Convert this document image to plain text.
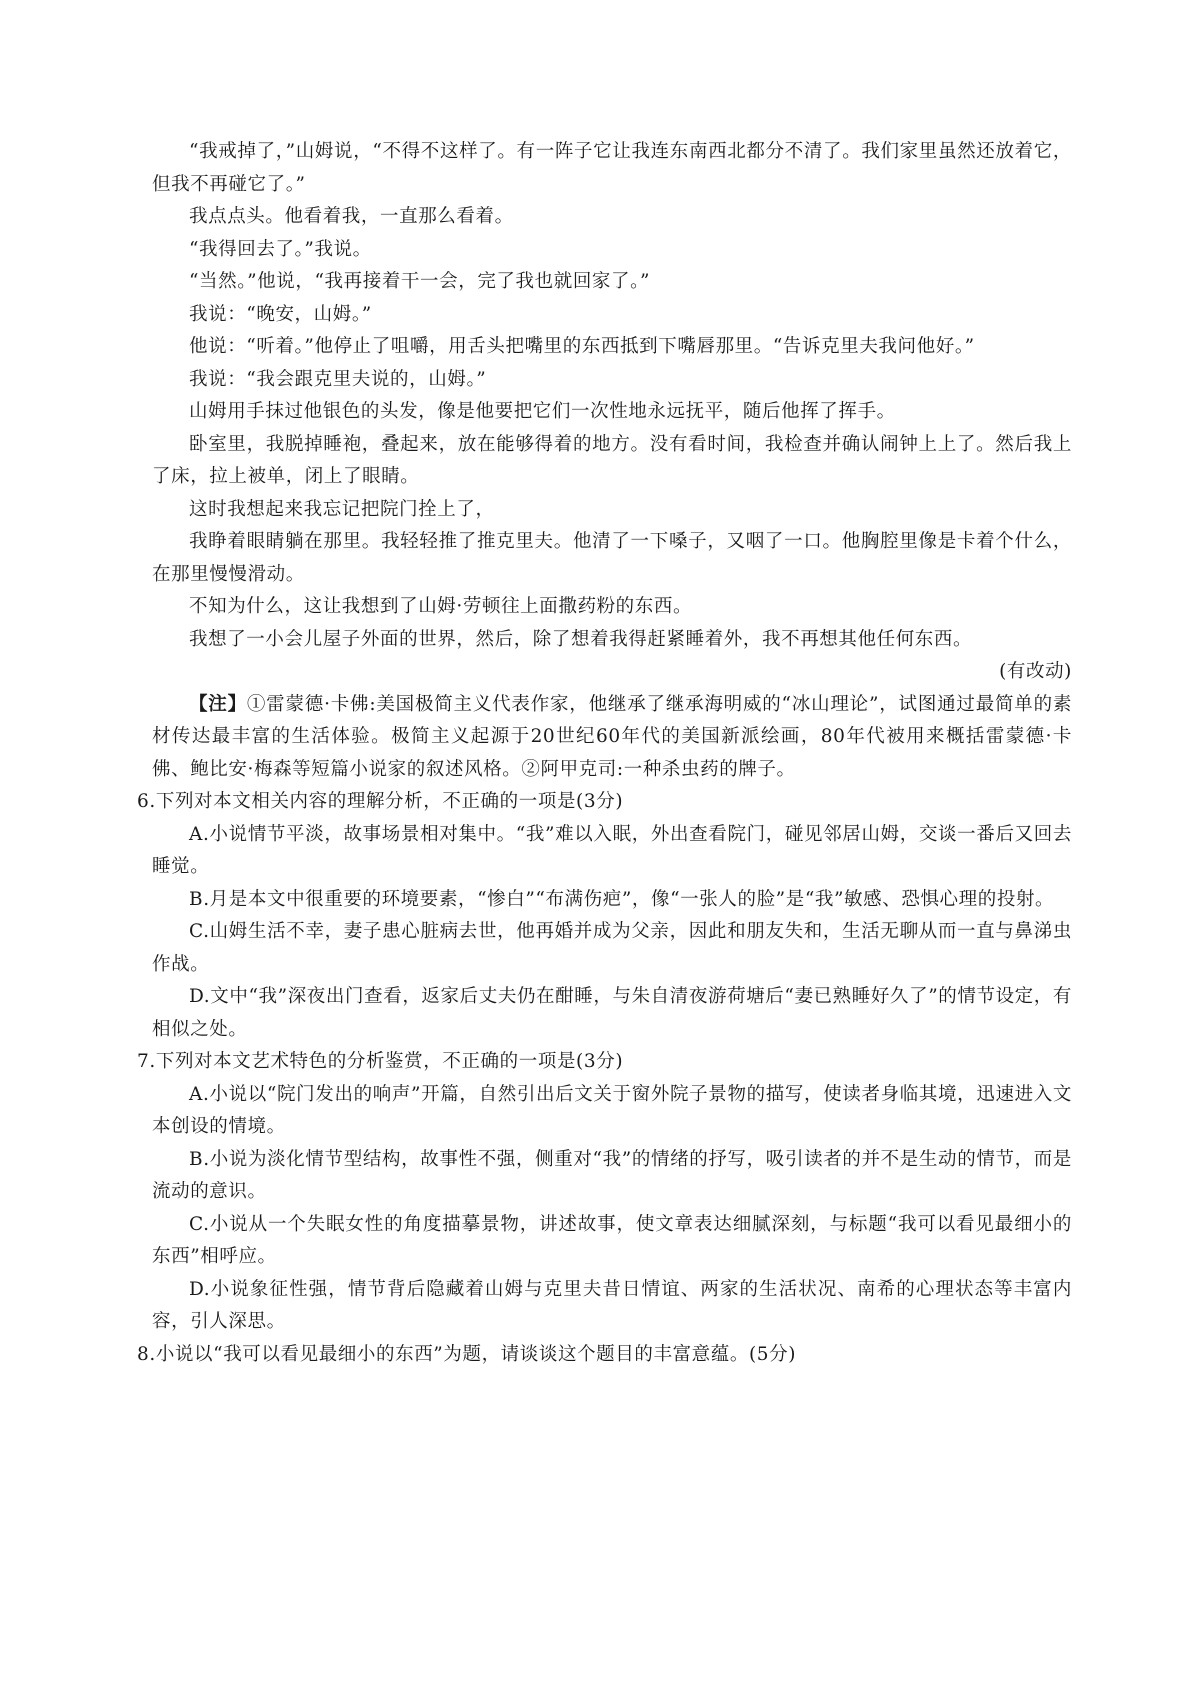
“我戒掉了，”山姆说，“不得不这样了。有一阵子它让我连东南西北都分不清了。我们家里虽然还放着它，但我不再碰它了。”

我点点头。他看着我，一直那么看着。

“我得回去了。”我说。

“当然。”他说，“我再接着干一会，完了我也就回家了。”

我说：“晚安，山姆。”

他说：“听着。”他停止了咀嚼，用舌头把嘴里的东西抵到下嘴唇那里。“告诉克里夫我问他好。”

我说：“我会跟克里夫说的，山姆。”

山姆用手抹过他银色的头发，像是他要把它们一次性地永远抚平，随后他挥了挥手。

卧室里，我脱掉睡袍，叠起来，放在能够得着的地方。没有看时间，我检查并确认闹钟上上了。然后我上了床，拉上被单，闭上了眼睛。

这时我想起来我忘记把院门拴上了，

我睁着眼睛躺在那里。我轻轻推了推克里夫。他清了一下嗓子，又咽了一口。他胸腔里像是卡着个什么，在那里慢慢滑动。

不知为什么，这让我想到了山姆·劳顿往上面撒药粉的东西。

我想了一小会儿屋子外面的世界，然后，除了想着我得赶紧睡着外，我不再想其他任何东西。

(有改动)

【注】①雷蒙德·卡佛:美国极简主义代表作家，他继承了继承海明威的“冰山理论”，试图通过最简单的素材传达最丰富的生活体验。极简主义起源于20世纪60年代的美国新派绘画，80年代被用来概括雷蒙德·卡佛、鲍比安·梅森等短篇小说家的叙述风格。②阿甲克司:一种杀虫药的牌子。

6.下列对本文相关内容的理解分析，不正确的一项是(3分)

A.小说情节平淡，故事场景相对集中。“我”难以入眠，外出查看院门，碰见邻居山姆，交谈一番后又回去睡觉。

B.月是本文中很重要的环境要素，“惨白”“布满伤疤”，像“一张人的脸”是“我”敏感、恐惧心理的投射。

C.山姆生活不幸，妻子患心脏病去世，他再婚并成为父亲，因此和朋友失和，生活无聊从而一直与鼻涕虫作战。

D.文中“我”深夜出门查看，返家后丈夫仍在酣睡，与朱自清夜游荷塘后“妻已熟睡好久了”的情节设定，有相似之处。

7.下列对本文艺术特色的分析鉴赏，不正确的一项是(3分)

A.小说以“院门发出的响声”开篇，自然引出后文关于窗外院子景物的描写，使读者身临其境，迅速进入文本创设的情境。

B.小说为淡化情节型结构，故事性不强，侧重对“我”的情绪的抒写，吸引读者的并不是生动的情节，而是流动的意识。

C.小说从一个失眠女性的角度描摹景物，讲述故事，使文章表达细腻深刻，与标题“我可以看见最细小的东西”相呼应。

D.小说象征性强，情节背后隐藏着山姆与克里夫昔日情谊、两家的生活状况、南希的心理状态等丰富内容，引人深思。

8.小说以“我可以看见最细小的东西”为题，请谈谈这个题目的丰富意蕴。(5分)
